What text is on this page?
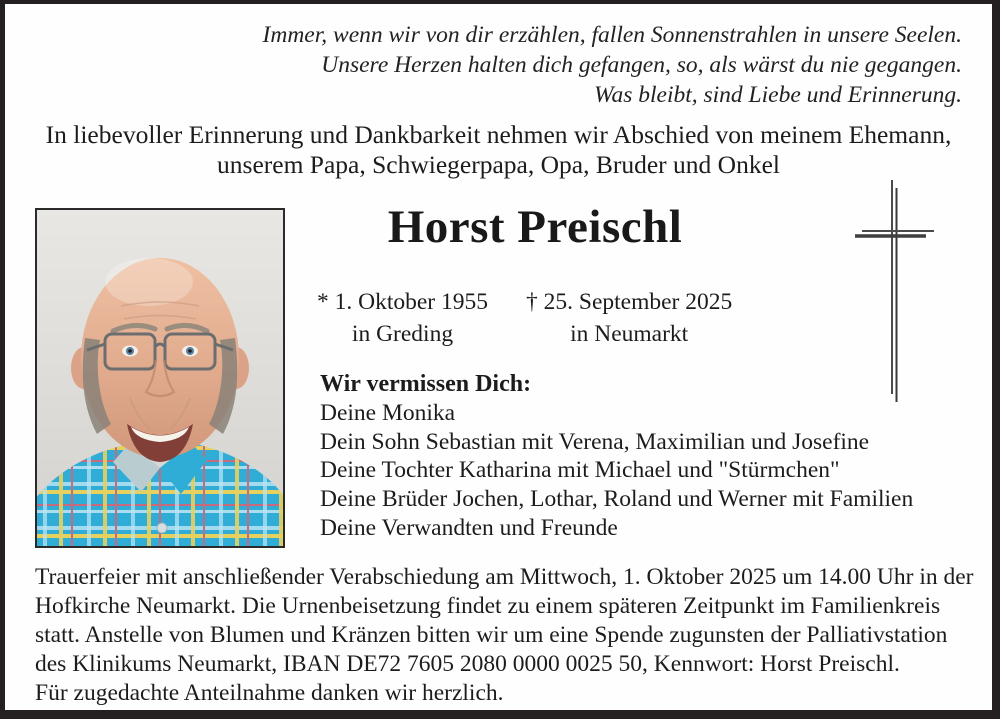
Immer, wenn wir von dir erzählen, fallen Sonnenstrahlen in unsere Seelen.
Unsere Herzen halten dich gefangen, so, als wärst du nie gegangen.
Was bleibt, sind Liebe und Erinnerung.
In liebevoller Erinnerung und Dankbarkeit nehmen wir Abschied von meinem Ehemann,
unserem Papa, Schwiegerpapa, Opa, Bruder und Onkel
Horst Preischl
* 1. Oktober 1955
in Greding
† 25. September 2025
in Neumarkt
Wir vermissen Dich:
Deine Monika
Dein Sohn Sebastian mit Verena, Maximilian und Josefine
Deine Tochter Katharina mit Michael und "Stürmchen"
Deine Brüder Jochen, Lothar, Roland und Werner mit Familien
Deine Verwandten und Freunde
Trauerfeier mit anschließender Verabschiedung am Mittwoch, 1. Oktober 2025 um 14.00 Uhr in der
Hofkirche Neumarkt. Die Urnenbeisetzung findet zu einem späteren Zeitpunkt im Familienkreis
statt. Anstelle von Blumen und Kränzen bitten wir um eine Spende zugunsten der Palliativstation
des Klinikums Neumarkt, IBAN DE72 7605 2080 0000 0025 50, Kennwort: Horst Preischl.
Für zugedachte Anteilnahme danken wir herzlich.
